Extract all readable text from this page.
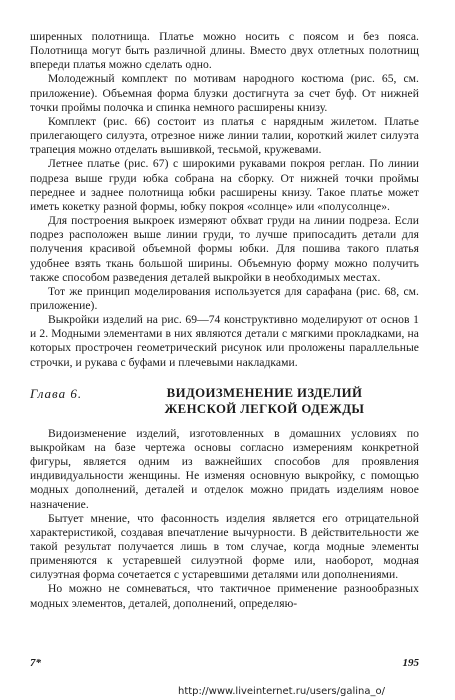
ширенных полотнища. Платье можно носить с поясом и без пояса. Полотнища могут быть различной длины. Вместо двух отлетных полотнищ впереди платья можно сделать одно.

Молодежный комплект по мотивам народного костюма (рис. 65, см. приложение). Объемная форма блузки достигнута за счет буф. От нижней точки проймы полочка и спинка немного расширены книзу.

Комплект (рис. 66) состоит из платья с нарядным жилетом. Платье прилегающего силуэта, отрезное ниже линии талии, короткий жилет силуэта трапеция можно отделать вышивкой, тесьмой, кружевами.

Летнее платье (рис. 67) с широкими рукавами покроя реглан. По линии подреза выше груди юбка собрана на сборку. От нижней точки проймы переднее и заднее полотнища юбки расширены книзу. Такое платье может иметь кокетку разной формы, юбку покроя «солнце» или «полусолнце».

Для построения выкроек измеряют обхват груди на линии подреза. Если подрез расположен выше линии груди, то лучше припосадить детали для получения красивой объемной формы юбки. Для пошива такого платья удобнее взять ткань большой ширины. Объемную форму можно получить также способом разведения деталей выкройки в необходимых местах.

Тот же принцип моделирования используется для сарафана (рис. 68, см. приложение).

Выкройки изделий на рис. 69—74 конструктивно моделируют от основ 1 и 2. Модными элементами в них являются детали с мягкими прокладками, на которых прострочен геометрический рисунок или проложены параллельные строчки, и рукава с буфами и плечевыми накладками.

Глава 6.	ВИДОИЗМЕНЕНИЕ ИЗДЕЛИЙ
ЖЕНСКОЙ ЛЕГКОЙ ОДЕЖДЫ

Видоизменение изделий, изготовленных в домашних условиях по выкройкам на базе чертежа основы согласно измерениям конкретной фигуры, является одним из важнейших способов для проявления индивидуальности женщины. Не изменяя основную выкройку, с помощью модных дополнений, деталей и отделок можно придать изделиям новое назначение.

Бытует мнение, что фасонность изделия является его отрицательной характеристикой, создавая впечатление вычурности. В действительности же такой результат получается лишь в том случае, когда модные элементы применяются к устаревшей силуэтной форме или, наоборот, модная силуэтная форма сочетается с устаревшими деталями или дополнениями.

Но можно не сомневаться, что тактичное применение разнообразных модных элементов, деталей, дополнений, определяю-

7*	195
http://www.liveinternet.ru/users/galina_o/
